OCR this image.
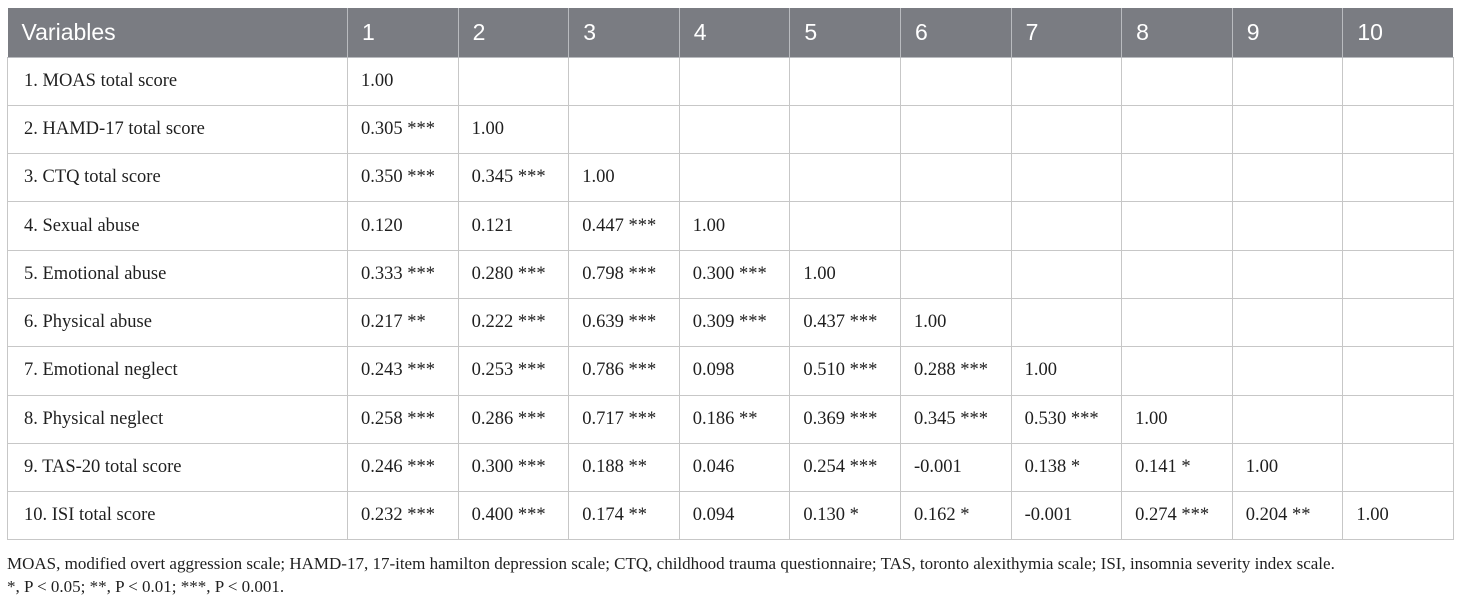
Variables	1	2	3	4	5	6	7	8	9	10
1. MOAS total score	1.00									
2. HAMD-17 total score	0.305 ***	1.00								
3. CTQ total score	0.350 ***	0.345 ***	1.00							
4. Sexual abuse	0.120	0.121	0.447 ***	1.00						
5. Emotional abuse	0.333 ***	0.280 ***	0.798 ***	0.300 ***	1.00					
6. Physical abuse	0.217 **	0.222 ***	0.639 ***	0.309 ***	0.437 ***	1.00				
7. Emotional neglect	0.243 ***	0.253 ***	0.786 ***	0.098	0.510 ***	0.288 ***	1.00			
8. Physical neglect	0.258 ***	0.286 ***	0.717 ***	0.186 **	0.369 ***	0.345 ***	0.530 ***	1.00		
9. TAS-20 total score	0.246 ***	0.300 ***	0.188 **	0.046	0.254 ***	-0.001	0.138 *	0.141 *	1.00	
10. ISI total score	0.232 ***	0.400 ***	0.174 **	0.094	0.130 *	0.162 *	-0.001	0.274 ***	0.204 **	1.00

MOAS, modified overt aggression scale; HAMD-17, 17-item hamilton depression scale; CTQ, childhood trauma questionnaire; TAS, toronto alexithymia scale; ISI, insomnia severity index scale.

*, P < 0.05; **, P < 0.01; ***, P < 0.001.
